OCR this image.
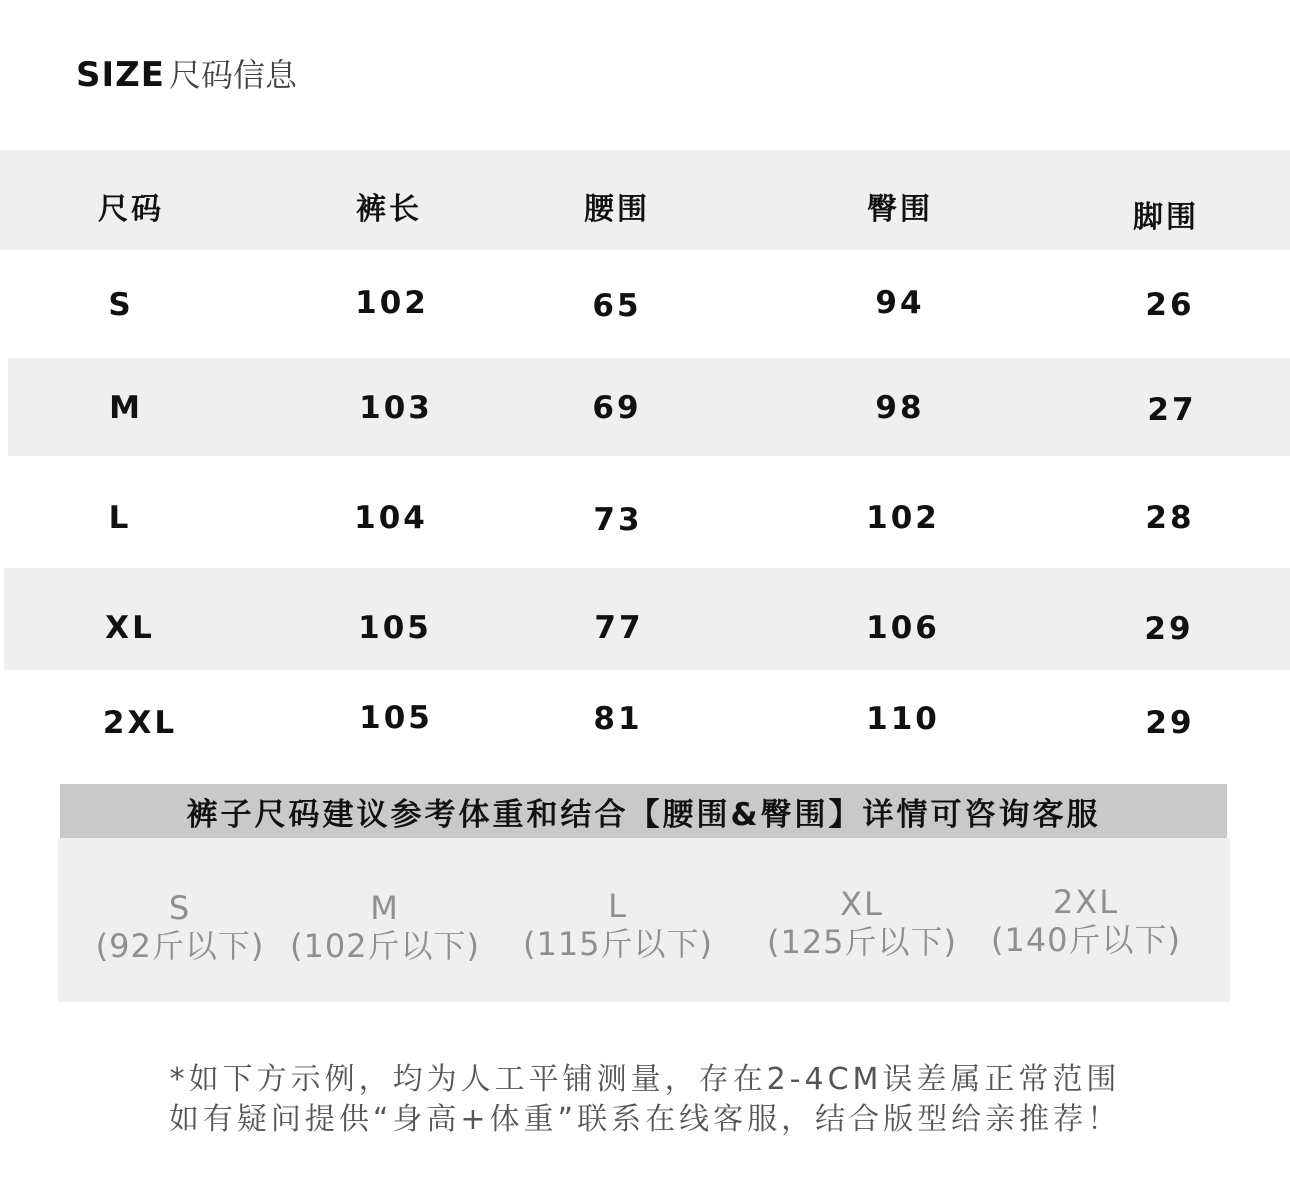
SIZE 尺码信息
尺码	裤长	腰围	臀围	脚围
S	102	65	94	26
M	103	69	98	27
L	104	73	102	28
XL	105	77	106	29
2XL	105	81	110	29
裤子尺码建议参考体重和结合【腰围&臀围】详情可咨询客服
S
(92斤以下)
M
(102斤以下)
L
(115斤以下)
XL
(125斤以下)
2XL
(140斤以下)
*如下方示例，均为人工平铺测量，存在2-4CM误差属正常范围
如有疑问提供“身高+体重”联系在线客服，结合版型给亲推荐！
